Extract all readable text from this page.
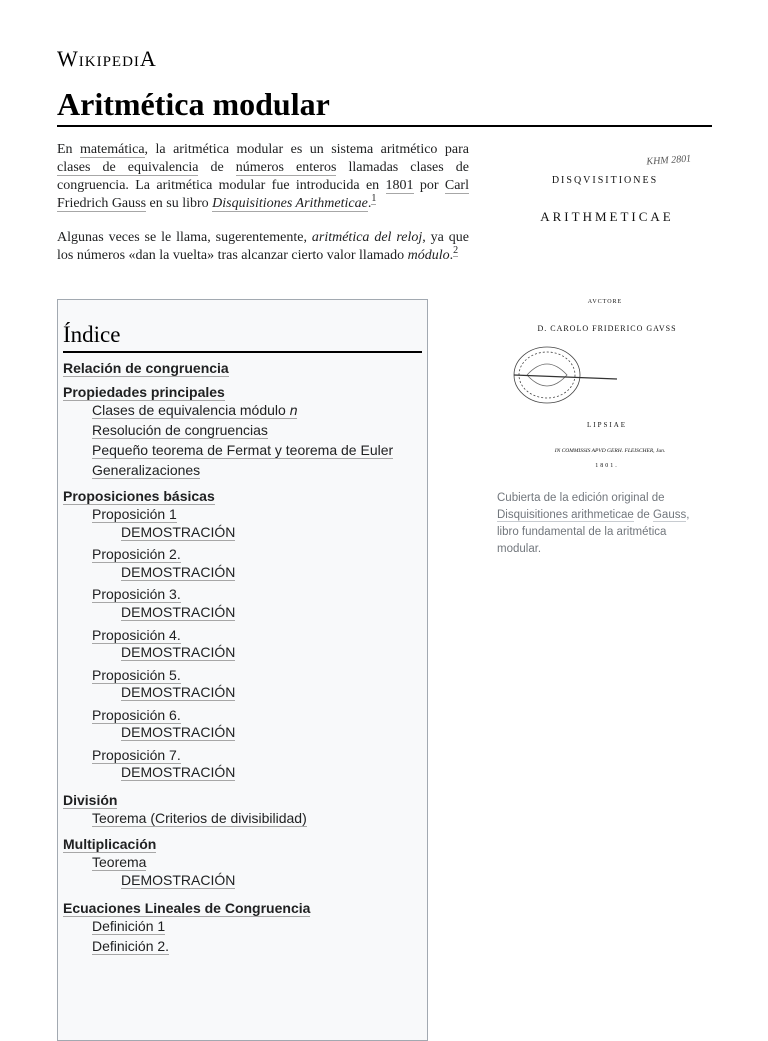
WikipediA
Aritmética modular
En matemática, la aritmética modular es un sistema aritmético para clases de equivalencia de números enteros llamadas clases de congruencia. La aritmética modular fue introducida en 1801 por Carl Friedrich Gauss en su libro Disquisitiones Arithmeticae.$^1$
Algunas veces se le llama, sugerentemente, aritmética del reloj, ya que los números «dan la vuelta» tras alcanzar cierto valor llamado módulo.$^2$
Índice
Relación de congruencia
Propiedades principales
Clases de equivalencia módulo n
Resolución de congruencias
Pequeño teorema de Fermat y teorema de Euler
Generalizaciones
Proposiciones básicas
Proposición 1
DEMOSTRACIÓN
Proposición 2.
DEMOSTRACIÓN
Proposición 3.
DEMOSTRACIÓN
Proposición 4.
DEMOSTRACIÓN
Proposición 5.
DEMOSTRACIÓN
Proposición 6.
DEMOSTRACIÓN
Proposición 7.
DEMOSTRACIÓN
División
Teorema (Criterios de divisibilidad)
Multiplicación
Teorema
DEMOSTRACIÓN
Ecuaciones Lineales de Congruencia
Definición 1
Definición 2.
KHM 2801
DISQVISITIONES
ARITHMETICAE
AVCTORE
D. CAROLO FRIDERICO GAVSS
LIPSIAE
IN COMMISSIS APVD GERH. FLEISCHER, Jun.
1801.
Cubierta de la edición original de Disquisitiones arithmeticae de Gauss, libro fundamental de la aritmética modular.
